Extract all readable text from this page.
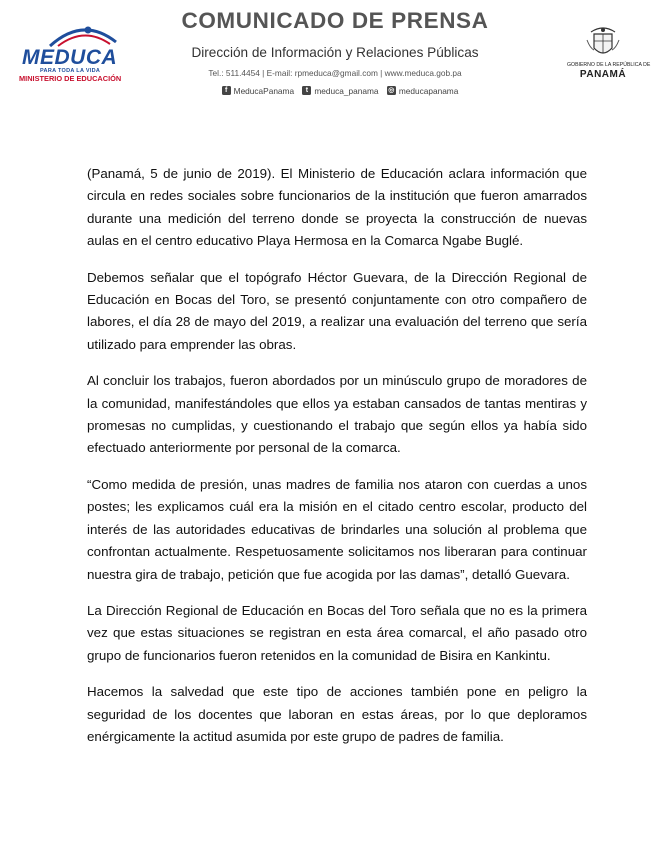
MEDUCA
PARA TODA LA VIDA
MINISTERIO DE EDUCACIÓN
COMUNICADO DE PRENSA
Dirección de Información y Relaciones Públicas
Tel.: 511.4454 | E-mail: rpmeduca@gmail.com | www.meduca.gob.pa
f MeducaPanama
	t meduca_panama
◎ meducapanama
GOBIERNO DE LA REPÚBLICA DE
PANAMÁ

(Panamá, 5 de junio de 2019). El Ministerio de Educación aclara información que circula en redes sociales sobre funcionarios de la institución que fueron amarrados durante una medición del terreno donde se proyecta la construcción de nuevas aulas en el centro educativo Playa Hermosa en la Comarca Ngabe Buglé.

Debemos señalar que el topógrafo Héctor Guevara, de la Dirección Regional de Educación en Bocas del Toro, se presentó conjuntamente con otro compañero de labores, el día 28 de mayo del 2019, a realizar una evaluación del terreno que sería utilizado para emprender las obras.

Al concluir los trabajos, fueron abordados por un minúsculo grupo de moradores de la comunidad, manifestándoles que ellos ya estaban cansados de tantas mentiras y promesas no cumplidas, y cuestionando el trabajo que según ellos ya había sido efectuado anteriormente por personal de la comarca.

“Como medida de presión, unas madres de familia nos ataron con cuerdas a unos postes; les explicamos cuál era la misión en el citado centro escolar, producto del interés de las autoridades educativas de brindarles una solución al problema que confrontan actualmente. Respetuosamente solicitamos nos liberaran para continuar nuestra gira de trabajo, petición que fue acogida por las damas”, detalló Guevara.

La Dirección Regional de Educación en Bocas del Toro señala que no es la primera vez que estas situaciones se registran en esta área comarcal, el año pasado otro grupo de funcionarios fueron retenidos en la comunidad de Bisira en Kankintu.

Hacemos la salvedad que este tipo de acciones también pone en peligro la seguridad de los docentes que laboran en estas áreas, por lo que deploramos enérgicamente la actitud asumida por este grupo de padres de familia.
